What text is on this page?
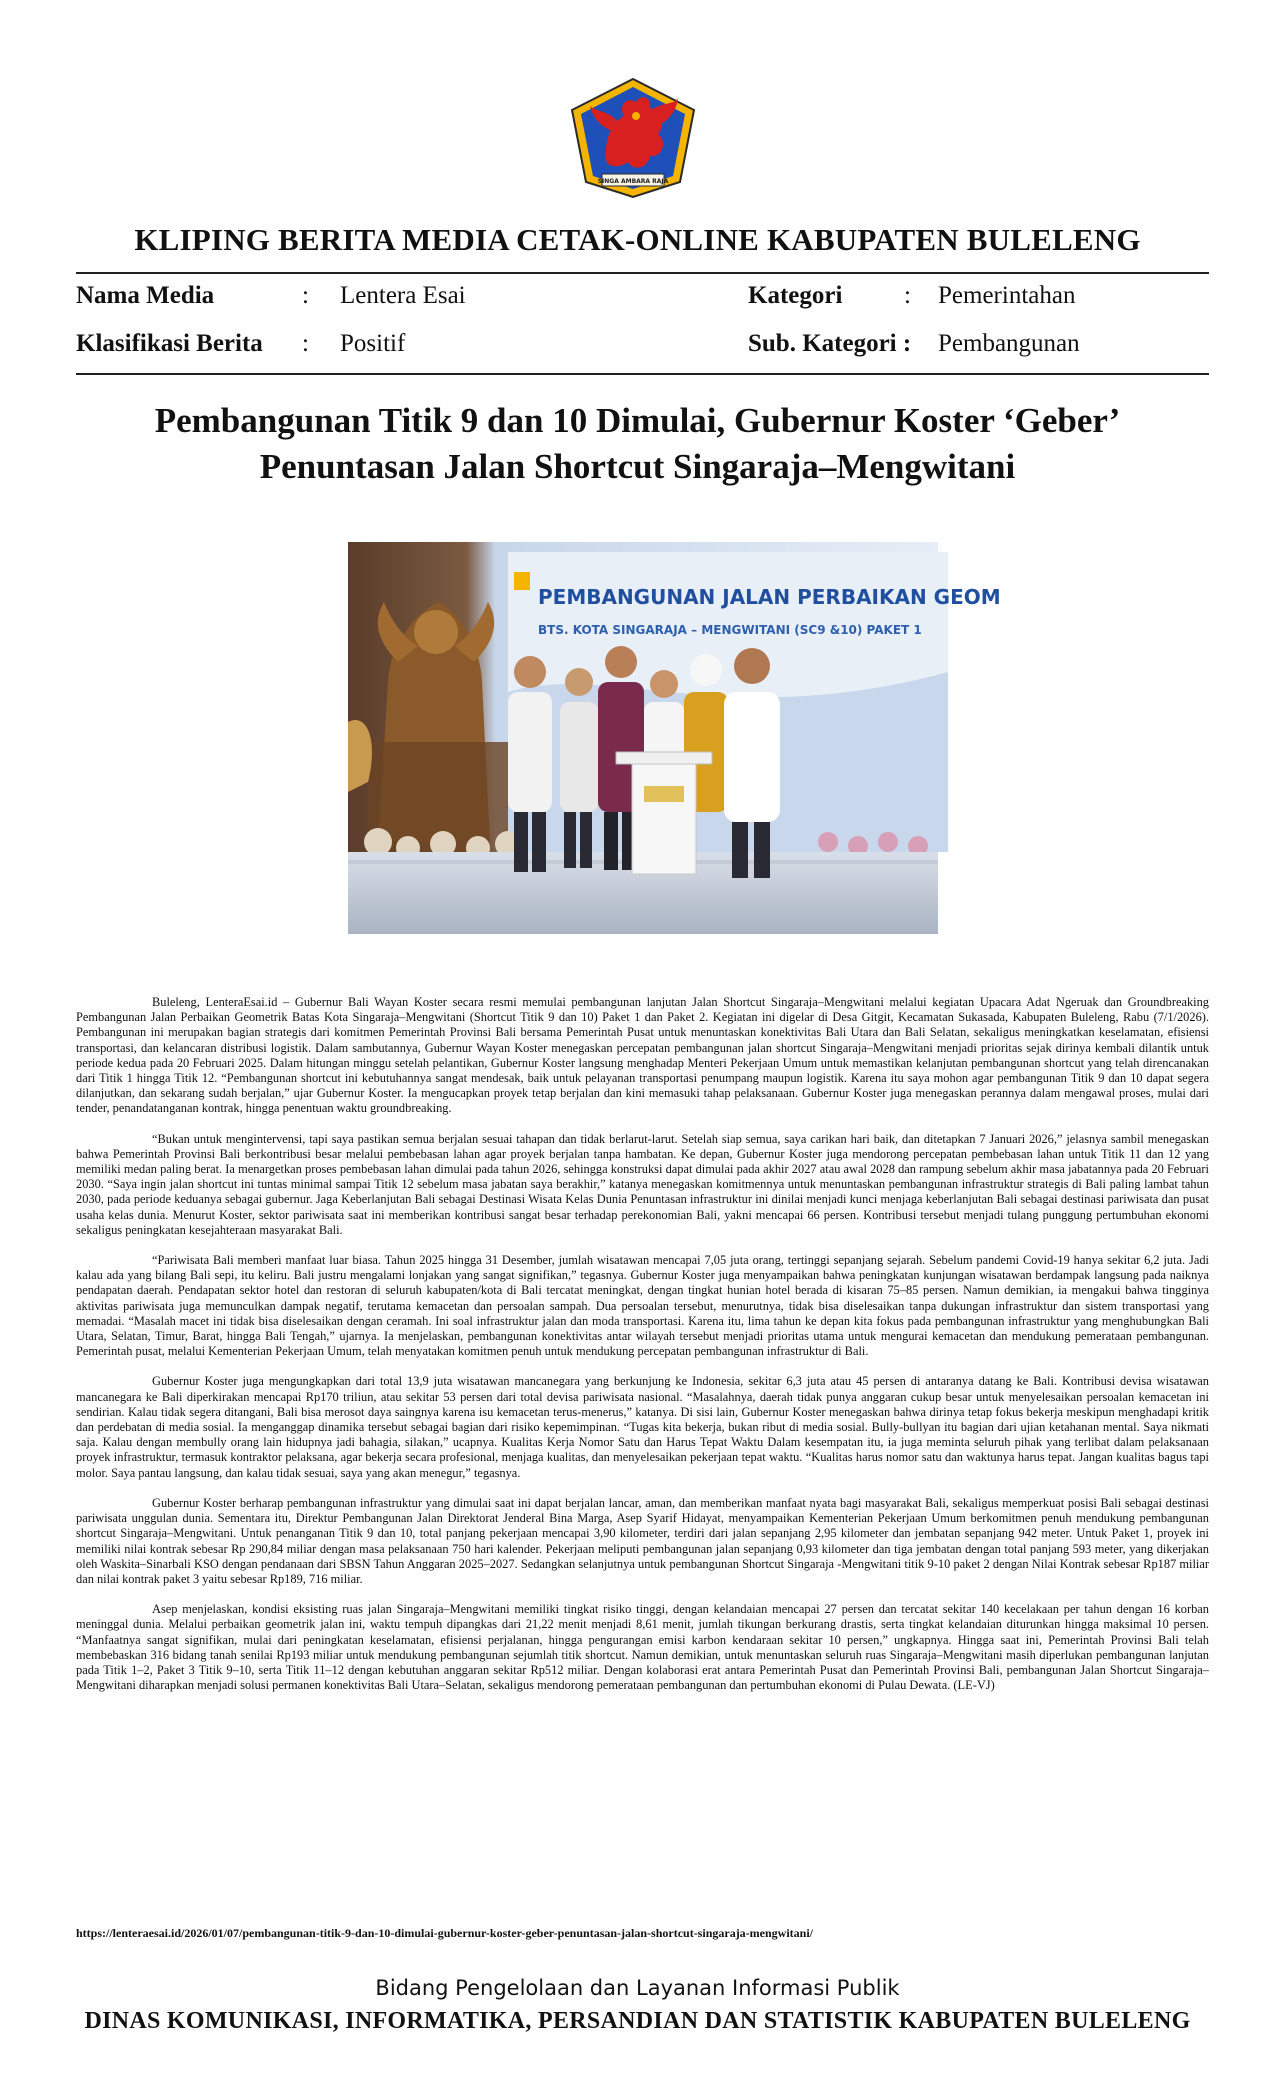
SINGA AMBARA RAJA
KLIPING BERITA MEDIA CETAK-ONLINE KABUPATEN BULELENG
Nama Media	: Lentera Esai	Kategori : Pemerintahan
Klasifikasi Berita : Positif	Sub. Kategori : Pembangunan
Pembangunan Titik 9 dan 10 Dimulai, Gubernur Koster ‘Geber’
Penuntasan Jalan Shortcut Singaraja–Mengwitani
PEMBANGUNAN JALAN PERBAIKAN GEOM
BTS. KOTA SINGARAJA – MENGWITANI (SC9 &10) PAKET 1

Buleleng, LenteraEsai.id – Gubernur Bali Wayan Koster secara resmi memulai pembangunan lanjutan Jalan Shortcut Singaraja–Mengwitani melalui kegiatan Upacara Adat Ngeruak dan Groundbreaking Pembangunan Jalan Perbaikan Geometrik Batas Kota Singaraja–Mengwitani (Shortcut Titik 9 dan 10) Paket 1 dan Paket 2. Kegiatan ini digelar di Desa Gitgit, Kecamatan Sukasada, Kabupaten Buleleng, Rabu (7/1/2026). Pembangunan ini merupakan bagian strategis dari komitmen Pemerintah Provinsi Bali bersama Pemerintah Pusat untuk menuntaskan konektivitas Bali Utara dan Bali Selatan, sekaligus meningkatkan keselamatan, efisiensi transportasi, dan kelancaran distribusi logistik. Dalam sambutannya, Gubernur Wayan Koster menegaskan percepatan pembangunan jalan shortcut Singaraja–Mengwitani menjadi prioritas sejak dirinya kembali dilantik untuk periode kedua pada 20 Februari 2025. Dalam hitungan minggu setelah pelantikan, Gubernur Koster langsung menghadap Menteri Pekerjaan Umum untuk memastikan kelanjutan pembangunan shortcut yang telah direncanakan dari Titik 1 hingga Titik 12. “Pembangunan shortcut ini kebutuhannya sangat mendesak, baik untuk pelayanan transportasi penumpang maupun logistik. Karena itu saya mohon agar pembangunan Titik 9 dan 10 dapat segera dilanjutkan, dan sekarang sudah berjalan,” ujar Gubernur Koster. Ia mengucapkan proyek tetap berjalan dan kini memasuki tahap pelaksanaan. Gubernur Koster juga menegaskan perannya dalam mengawal proses, mulai dari tender, penandatanganan kontrak, hingga penentuan waktu groundbreaking.

“Bukan untuk mengintervensi, tapi saya pastikan semua berjalan sesuai tahapan dan tidak berlarut-larut. Setelah siap semua, saya carikan hari baik, dan ditetapkan 7 Januari 2026,” jelasnya sambil menegaskan bahwa Pemerintah Provinsi Bali berkontribusi besar melalui pembebasan lahan agar proyek berjalan tanpa hambatan. Ke depan, Gubernur Koster juga mendorong percepatan pembebasan lahan untuk Titik 11 dan 12 yang memiliki medan paling berat. Ia menargetkan proses pembebasan lahan dimulai pada tahun 2026, sehingga konstruksi dapat dimulai pada akhir 2027 atau awal 2028 dan rampung sebelum akhir masa jabatannya pada 20 Februari 2030. “Saya ingin jalan shortcut ini tuntas minimal sampai Titik 12 sebelum masa jabatan saya berakhir,” katanya menegaskan komitmennya untuk menuntaskan pembangunan infrastruktur strategis di Bali paling lambat tahun 2030, pada periode keduanya sebagai gubernur. Jaga Keberlanjutan Bali sebagai Destinasi Wisata Kelas Dunia Penuntasan infrastruktur ini dinilai menjadi kunci menjaga keberlanjutan Bali sebagai destinasi pariwisata dan pusat usaha kelas dunia. Menurut Koster, sektor pariwisata saat ini memberikan kontribusi sangat besar terhadap perekonomian Bali, yakni mencapai 66 persen. Kontribusi tersebut menjadi tulang punggung pertumbuhan ekonomi sekaligus peningkatan kesejahteraan masyarakat Bali.

“Pariwisata Bali memberi manfaat luar biasa. Tahun 2025 hingga 31 Desember, jumlah wisatawan mencapai 7,05 juta orang, tertinggi sepanjang sejarah. Sebelum pandemi Covid-19 hanya sekitar 6,2 juta. Jadi kalau ada yang bilang Bali sepi, itu keliru. Bali justru mengalami lonjakan yang sangat signifikan,” tegasnya. Gubernur Koster juga menyampaikan bahwa peningkatan kunjungan wisatawan berdampak langsung pada naiknya pendapatan daerah. Pendapatan sektor hotel dan restoran di seluruh kabupaten/kota di Bali tercatat meningkat, dengan tingkat hunian hotel berada di kisaran 75–85 persen. Namun demikian, ia mengakui bahwa tingginya aktivitas pariwisata juga memunculkan dampak negatif, terutama kemacetan dan persoalan sampah. Dua persoalan tersebut, menurutnya, tidak bisa diselesaikan tanpa dukungan infrastruktur dan sistem transportasi yang memadai. “Masalah macet ini tidak bisa diselesaikan dengan ceramah. Ini soal infrastruktur jalan dan moda transportasi. Karena itu, lima tahun ke depan kita fokus pada pembangunan infrastruktur yang menghubungkan Bali Utara, Selatan, Timur, Barat, hingga Bali Tengah,” ujarnya. Ia menjelaskan, pembangunan konektivitas antar wilayah tersebut menjadi prioritas utama untuk mengurai kemacetan dan mendukung pemerataan pembangunan. Pemerintah pusat, melalui Kementerian Pekerjaan Umum, telah menyatakan komitmen penuh untuk mendukung percepatan pembangunan infrastruktur di Bali.

Gubernur Koster juga mengungkapkan dari total 13,9 juta wisatawan mancanegara yang berkunjung ke Indonesia, sekitar 6,3 juta atau 45 persen di antaranya datang ke Bali. Kontribusi devisa wisatawan mancanegara ke Bali diperkirakan mencapai Rp170 triliun, atau sekitar 53 persen dari total devisa pariwisata nasional. “Masalahnya, daerah tidak punya anggaran cukup besar untuk menyelesaikan persoalan kemacetan ini sendirian. Kalau tidak segera ditangani, Bali bisa merosot daya saingnya karena isu kemacetan terus-menerus,” katanya. Di sisi lain, Gubernur Koster menegaskan bahwa dirinya tetap fokus bekerja meskipun menghadapi kritik dan perdebatan di media sosial. Ia menganggap dinamika tersebut sebagai bagian dari risiko kepemimpinan. “Tugas kita bekerja, bukan ribut di media sosial. Bully-bullyan itu bagian dari ujian ketahanan mental. Saya nikmati saja. Kalau dengan membully orang lain hidupnya jadi bahagia, silakan,” ucapnya. Kualitas Kerja Nomor Satu dan Harus Tepat Waktu Dalam kesempatan itu, ia juga meminta seluruh pihak yang terlibat dalam pelaksanaan proyek infrastruktur, termasuk kontraktor pelaksana, agar bekerja secara profesional, menjaga kualitas, dan menyelesaikan pekerjaan tepat waktu. “Kualitas harus nomor satu dan waktunya harus tepat. Jangan kualitas bagus tapi molor. Saya pantau langsung, dan kalau tidak sesuai, saya yang akan menegur,” tegasnya.

Gubernur Koster berharap pembangunan infrastruktur yang dimulai saat ini dapat berjalan lancar, aman, dan memberikan manfaat nyata bagi masyarakat Bali, sekaligus memperkuat posisi Bali sebagai destinasi pariwisata unggulan dunia. Sementara itu, Direktur Pembangunan Jalan Direktorat Jenderal Bina Marga, Asep Syarif Hidayat, menyampaikan Kementerian Pekerjaan Umum berkomitmen penuh mendukung pembangunan shortcut Singaraja–Mengwitani. Untuk penanganan Titik 9 dan 10, total panjang pekerjaan mencapai 3,90 kilometer, terdiri dari jalan sepanjang 2,95 kilometer dan jembatan sepanjang 942 meter. Untuk Paket 1, proyek ini memiliki nilai kontrak sebesar Rp 290,84 miliar dengan masa pelaksanaan 750 hari kalender. Pekerjaan meliputi pembangunan jalan sepanjang 0,93 kilometer dan tiga jembatan dengan total panjang 593 meter, yang dikerjakan oleh Waskita–Sinarbali KSO dengan pendanaan dari SBSN Tahun Anggaran 2025–2027. Sedangkan selanjutnya untuk pembangunan Shortcut Singaraja -Mengwitani titik 9-10 paket 2 dengan Nilai Kontrak sebesar Rp187 miliar dan nilai kontrak paket 3 yaitu sebesar Rp189, 716 miliar.

Asep menjelaskan, kondisi eksisting ruas jalan Singaraja–Mengwitani memiliki tingkat risiko tinggi, dengan kelandaian mencapai 27 persen dan tercatat sekitar 140 kecelakaan per tahun dengan 16 korban meninggal dunia. Melalui perbaikan geometrik jalan ini, waktu tempuh dipangkas dari 21,22 menit menjadi 8,61 menit, jumlah tikungan berkurang drastis, serta tingkat kelandaian diturunkan hingga maksimal 10 persen. “Manfaatnya sangat signifikan, mulai dari peningkatan keselamatan, efisiensi perjalanan, hingga pengurangan emisi karbon kendaraan sekitar 10 persen,” ungkapnya. Hingga saat ini, Pemerintah Provinsi Bali telah membebaskan 316 bidang tanah senilai Rp193 miliar untuk mendukung pembangunan sejumlah titik shortcut. Namun demikian, untuk menuntaskan seluruh ruas Singaraja–Mengwitani masih diperlukan pembangunan lanjutan pada Titik 1–2, Paket 3 Titik 9–10, serta Titik 11–12 dengan kebutuhan anggaran sekitar Rp512 miliar. Dengan kolaborasi erat antara Pemerintah Pusat dan Pemerintah Provinsi Bali, pembangunan Jalan Shortcut Singaraja–Mengwitani diharapkan menjadi solusi permanen konektivitas Bali Utara–Selatan, sekaligus mendorong pemerataan pembangunan dan pertumbuhan ekonomi di Pulau Dewata. (LE-VJ)

https://lenteraesai.id/2026/01/07/pembangunan-titik-9-dan-10-dimulai-gubernur-koster-geber-penuntasan-jalan-shortcut-singaraja-mengwitani/
Bidang Pengelolaan dan Layanan Informasi Publik
DINAS KOMUNIKASI, INFORMATIKA, PERSANDIAN DAN STATISTIK KABUPATEN BULELENG
